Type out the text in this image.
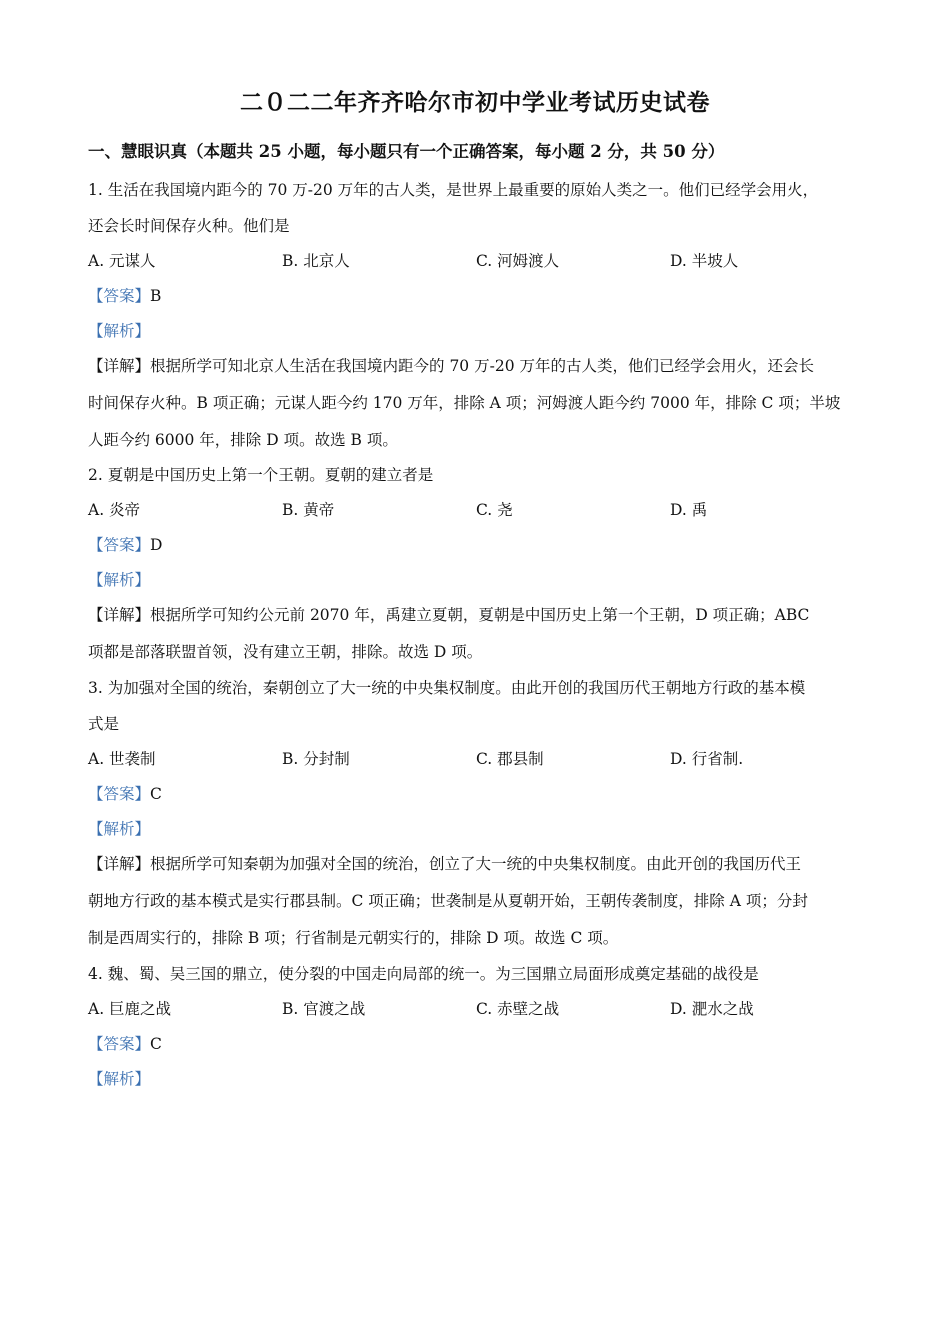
二０二二年齐齐哈尔市初中学业考试历史试卷
一、慧眼识真（本题共 25 小题，每小题只有一个正确答案，每小题 2 分，共 50 分）
1. 生活在我国境内距今的 70 万-20 万年的古人类，是世界上最重要的原始人类之一。他们已经学会用火，
还会长时间保存火种。他们是
A. 元谋人	B. 北京人	C. 河姆渡人	D. 半坡人
【答案】B
【解析】
【详解】根据所学可知北京人生活在我国境内距今的 70 万-20 万年的古人类，他们已经学会用火，还会长
时间保存火种。B 项正确；元谋人距今约 170 万年，排除 A 项；河姆渡人距今约 7000 年，排除 C 项；半坡
人距今约 6000 年，排除 D 项。故选 B 项。
2. 夏朝是中国历史上第一个王朝。夏朝的建立者是
A. 炎帝	B. 黄帝	C. 尧	D. 禹
【答案】D
【解析】
【详解】根据所学可知约公元前 2070 年，禹建立夏朝，夏朝是中国历史上第一个王朝，D 项正确；ABC
项都是部落联盟首领，没有建立王朝，排除。故选 D 项。
3. 为加强对全国的统治，秦朝创立了大一统的中央集权制度。由此开创的我国历代王朝地方行政的基本模
式是
A. 世袭制	B. 分封制	C. 郡县制	D. 行省制.
【答案】C
【解析】
【详解】根据所学可知秦朝为加强对全国的统治，创立了大一统的中央集权制度。由此开创的我国历代王
朝地方行政的基本模式是实行郡县制。C 项正确；世袭制是从夏朝开始，王朝传袭制度，排除 A 项；分封
制是西周实行的，排除 B 项；行省制是元朝实行的，排除 D 项。故选 C 项。
4. 魏、蜀、吴三国的鼎立，使分裂的中国走向局部的统一。为三国鼎立局面形成奠定基础的战役是
A. 巨鹿之战	B. 官渡之战	C. 赤壁之战	D. 淝水之战
【答案】C
【解析】
